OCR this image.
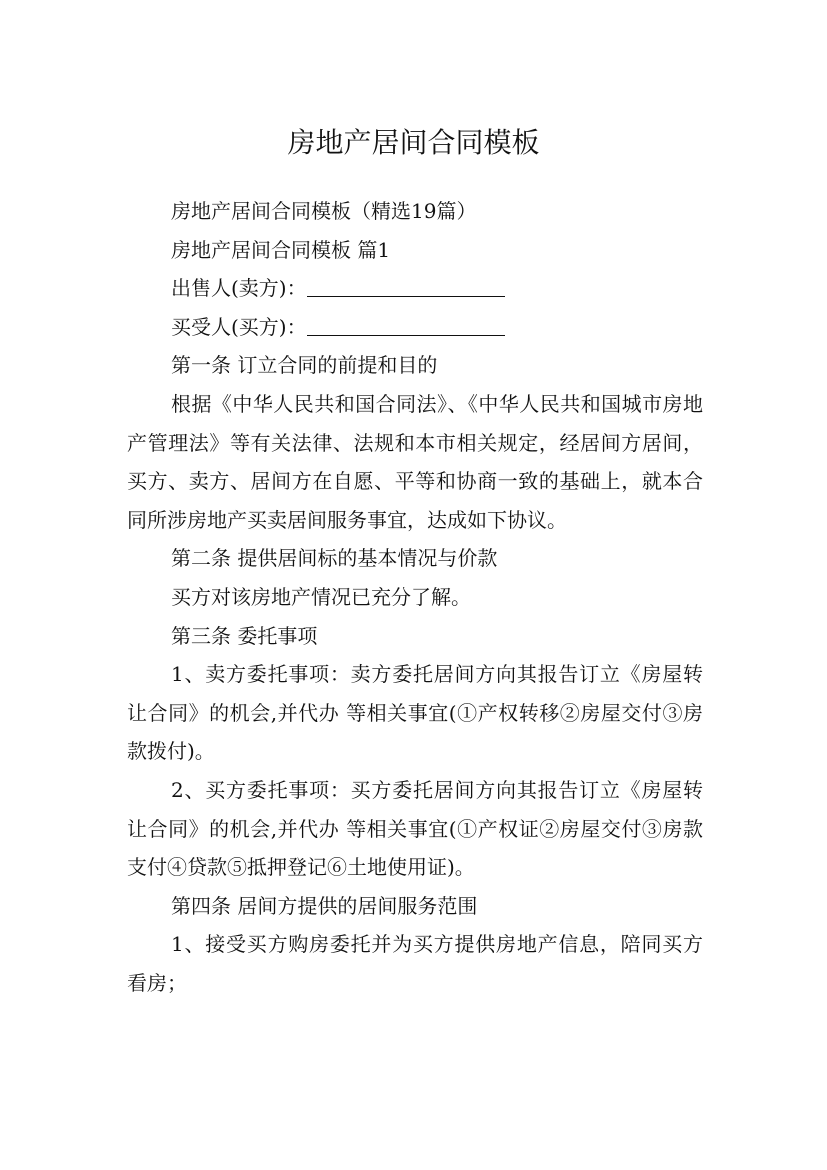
房地产居间合同模板

房地产居间合同模板（精选19篇）

房地产居间合同模板 篇1

出售人(卖方)：

买受人(买方)：

第一条 订立合同的前提和目的

根据《中华人民共和国合同法》、《中华人民共和国城市房地产管理法》等有关法律、法规和本市相关规定，经居间方居间，买方、卖方、居间方在自愿、平等和协商一致的基础上，就本合同所涉房地产买卖居间服务事宜，达成如下协议。

第二条 提供居间标的基本情况与价款

买方对该房地产情况已充分了解。

第三条 委托事项

1、卖方委托事项：卖方委托居间方向其报告订立《房屋转让合同》的机会,并代办 等相关事宜(①产权转移②房屋交付③房款拨付)。

2、买方委托事项：买方委托居间方向其报告订立《房屋转让合同》的机会,并代办 等相关事宜(①产权证②房屋交付③房款支付④贷款⑤抵押登记⑥土地使用证)。

第四条 居间方提供的居间服务范围

1、接受买方购房委托并为买方提供房地产信息，陪同买方看房；
